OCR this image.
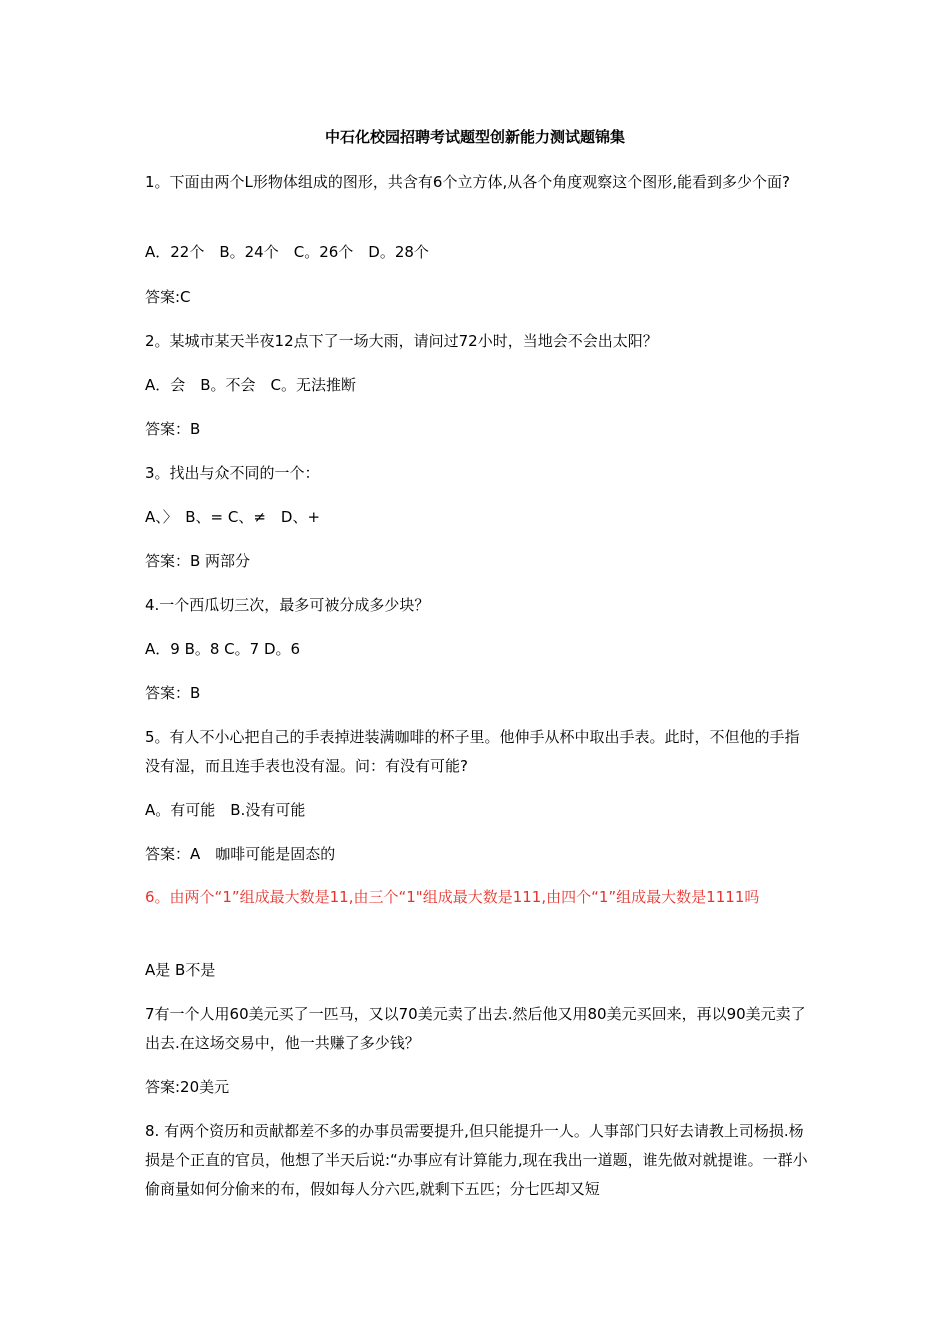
中石化校园招聘考试题型创新能力测试题锦集
1。下面由两个L形物体组成的图形，共含有6个立方体,从各个角度观察这个图形,能看到多少个面?
A．22个　B。24个　C。26个　D。28个
答案:C
2。某城市某天半夜12点下了一场大雨，请问过72小时，当地会不会出太阳？
A．会　B。不会　C。无法推断
答案：B
3。找出与众不同的一个：
A、〉　B、= C、≠　D、+
答案：B 两部分
4.一个西瓜切三次，最多可被分成多少块？
A．9 B。8 C。7 D。6
答案：B
5。有人不小心把自己的手表掉进装满咖啡的杯子里。他伸手从杯中取出手表。此时，不但他的手指没有湿，而且连手表也没有湿。问：有没有可能?
A。有可能　B.没有可能
答案：A　咖啡可能是固态的
6。由两个“1”组成最大数是11,由三个“1"组成最大数是111,由四个“1”组成最大数是1111吗
A是 B不是
7有一个人用60美元买了一匹马，又以70美元卖了出去.然后他又用80美元买回来，再以90美元卖了出去.在这场交易中，他一共赚了多少钱？
答案:20美元
8. 有两个资历和贡献都差不多的办事员需要提升,但只能提升一人。人事部门只好去请教上司杨损.杨损是个正直的官员，他想了半天后说:“办事应有计算能力,现在我出一道题，谁先做对就提谁。一群小偷商量如何分偷来的布，假如每人分六匹,就剩下五匹；分七匹却又短
